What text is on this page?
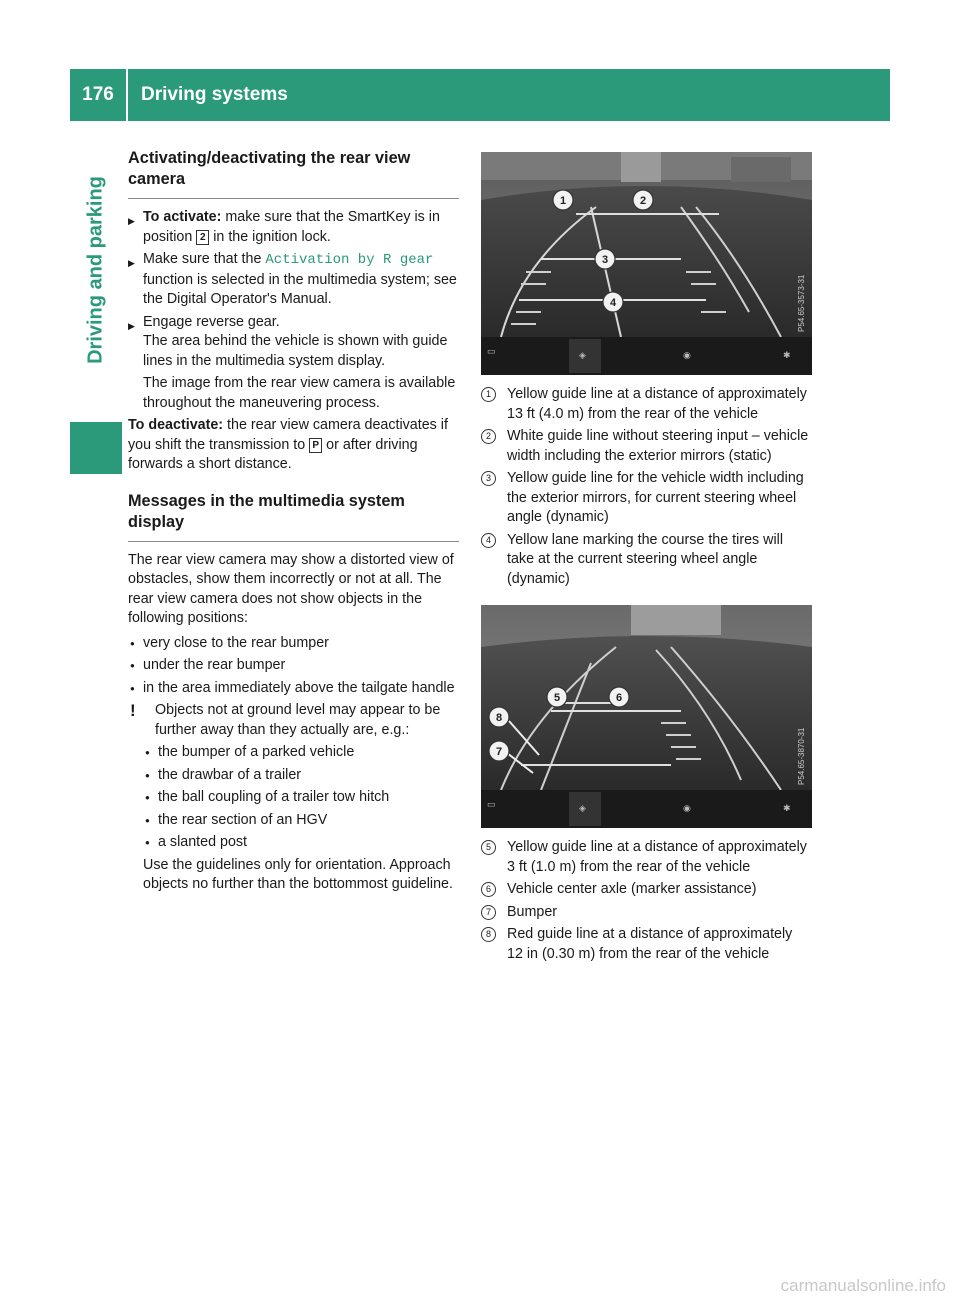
176	Driving systems
Driving and parking
Activating/deactivating the rear view camera

▶ To activate: make sure that the SmartKey is in position 2 in the ignition lock.

▶ Make sure that the Activation by R gear function is selected in the multimedia system; see the Digital Operator's Manual.

▶ Engage reverse gear.
The area behind the vehicle is shown with guide lines in the multimedia system display.

The image from the rear view camera is available throughout the maneuvering process.

To deactivate: the rear view camera deactivates if you shift the transmission to P or after driving forwards a short distance.

Messages in the multimedia system display

The rear view camera may show a distorted view of obstacles, show them incorrectly or not at all. The rear view camera does not show objects in the following positions:

● very close to the rear bumper

● under the rear bumper

● in the area immediately above the tailgate handle

! Objects not at ground level may appear to be further away than they actually are, e.g.:

● the bumper of a parked vehicle

● the drawbar of a trailer

● the ball coupling of a trailer tow hitch

● the rear section of an HGV

● a slanted post

Use the guidelines only for orientation. Approach objects no further than the bottommost guideline.

1	2
3
4
▭	◈	◉	✱
P54.65-3573-31

1	Yellow guide line at a distance of approximately 13 ft (4.0 m) from the rear of the vehicle

2	White guide line without steering input – vehicle width including the exterior mirrors (static)

3	Yellow guide line for the vehicle width including the exterior mirrors, for current steering wheel angle (dynamic)

4	Yellow lane marking the course the tires will take at the current steering wheel angle (dynamic)

5	6
8
7
▭	◈	◉	✱
P54.65-3870-31

5	Yellow guide line at a distance of approximately 3 ft (1.0 m) from the rear of the vehicle

6	Vehicle center axle (marker assistance)

7	Bumper

8	Red guide line at a distance of approximately 12 in (0.30 m) from the rear of the vehicle

carmanualsonline.info
